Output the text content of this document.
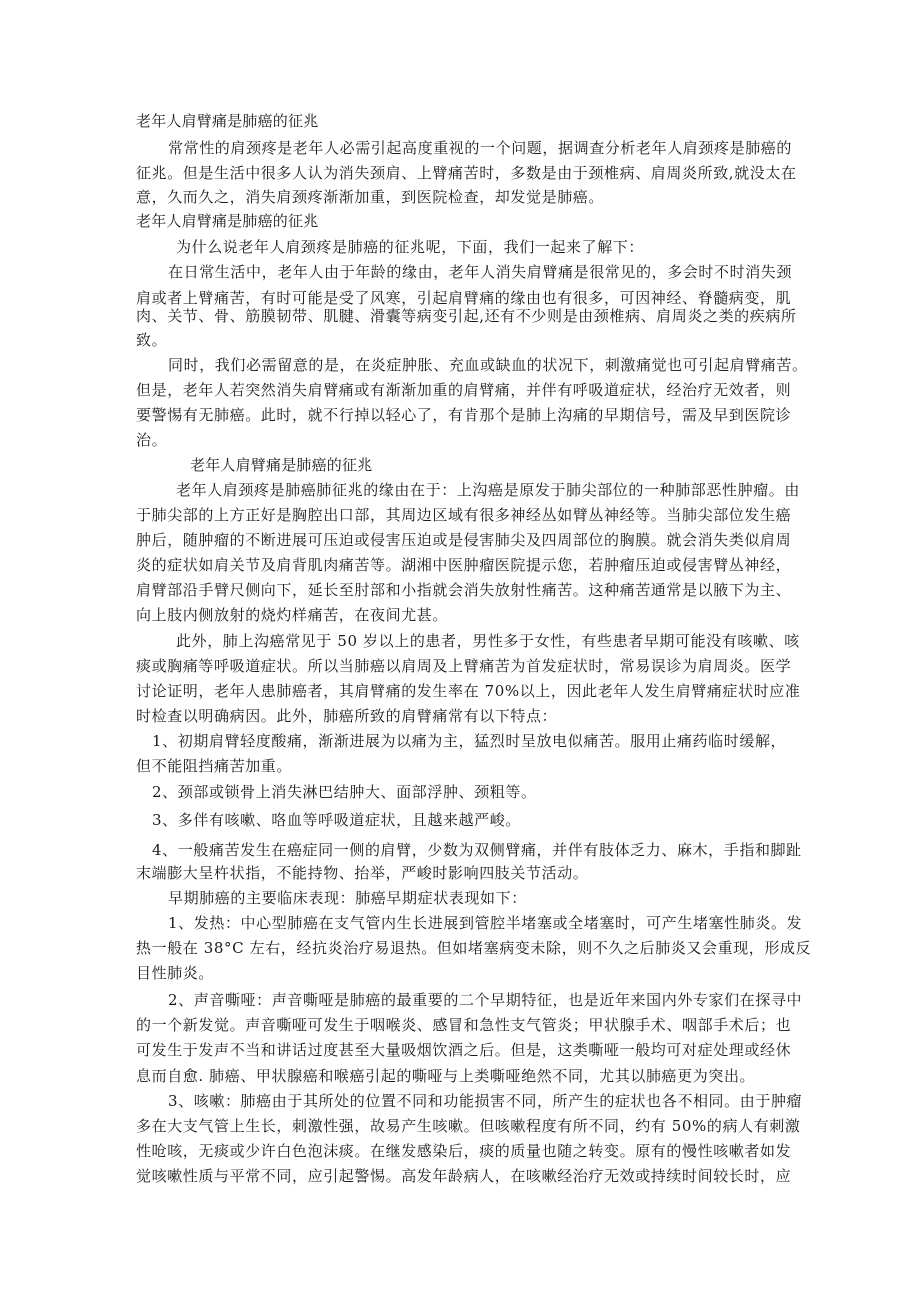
老年人肩臂痛是肺癌的征兆
常常性的肩颈疼是老年人必需引起高度重视的一个问题，据调查分析老年人肩颈疼是肺癌的
征兆。但是生活中很多人认为消失颈肩、上臂痛苦时，多数是由于颈椎病、肩周炎所致,就没太在
意，久而久之，消失肩颈疼渐渐加重，到医院检查，却发觉是肺癌。
老年人肩臂痛是肺癌的征兆
为什么说老年人肩颈疼是肺癌的征兆呢，下面，我们一起来了解下：
在日常生活中，老年人由于年龄的缘由，老年人消失肩臂痛是很常见的，多会时不时消失颈
肩或者上臂痛苦，有时可能是受了风寒，引起肩臂痛的缘由也有很多，可因神经、脊髓病变，肌
肉、关节、骨、筋膜韧带、肌腱、滑囊等病变引起,还有不少则是由颈椎病、肩周炎之类的疾病所
致。
同时，我们必需留意的是，在炎症肿胀、充血或缺血的状况下，刺激痛觉也可引起肩臂痛苦。
但是，老年人若突然消失肩臂痛或有渐渐加重的肩臂痛，并伴有呼吸道症状，经治疗无效者，则
要警惕有无肺癌。此时，就不行掉以轻心了，有肯那个是肺上沟痛的早期信号，需及早到医院诊
治。
老年人肩臂痛是肺癌的征兆
老年人肩颈疼是肺癌肺征兆的缘由在于：上沟癌是原发于肺尖部位的一种肺部恶性肿瘤。由
于肺尖部的上方正好是胸腔出口部，其周边区域有很多神经丛如臂丛神经等。当肺尖部位发生癌
肿后，随肿瘤的不断进展可压迫或侵害压迫或是侵害肺尖及四周部位的胸膜。就会消失类似肩周
炎的症状如肩关节及肩背肌肉痛苦等。湖湘中医肿瘤医院提示您，若肿瘤压迫或侵害臂丛神经，
肩臂部沿手臂尺侧向下，延长至肘部和小指就会消失放射性痛苦。这种痛苦通常是以腋下为主、
向上肢内侧放射的烧灼样痛苦，在夜间尤甚。
此外，肺上沟癌常见于 50 岁以上的患者，男性多于女性，有些患者早期可能没有咳嗽、咳
痰或胸痛等呼吸道症状。所以当肺癌以肩周及上臂痛苦为首发症状时，常易误诊为肩周炎。医学
讨论证明，老年人患肺癌者，其肩臂痛的发生率在 70%以上，因此老年人发生肩臂痛症状时应准
时检查以明确病因。此外，肺癌所致的肩臂痛常有以下特点：
1、初期肩臂轻度酸痛，渐渐进展为以痛为主，猛烈时呈放电似痛苦。服用止痛药临时缓解，
但不能阻挡痛苦加重。
2、颈部或锁骨上消失淋巴结肿大、面部浮肿、颈粗等。
3、多伴有咳嗽、咯血等呼吸道症状，且越来越严峻。
4、一般痛苦发生在癌症同一侧的肩臂，少数为双侧臂痛，并伴有肢体乏力、麻木，手指和脚趾
末端膨大呈杵状指，不能持物、抬举，严峻时影响四肢关节活动。
早期肺癌的主要临床表现：肺癌早期症状表现如下：
1、发热：中心型肺癌在支气管内生长进展到管腔半堵塞或全堵塞时，可产生堵塞性肺炎。发
热一般在 38°C 左右，经抗炎治疗易退热。但如堵塞病变未除，则不久之后肺炎又会重现，形成反
目性肺炎。
2、声音嘶哑：声音嘶哑是肺癌的最重要的二个早期特征，也是近年来国内外专家们在探寻中
的一个新发觉。声音嘶哑可发生于咽喉炎、感冒和急性支气管炎；甲状腺手术、咽部手术后；也
可发生于发声不当和讲话过度甚至大量吸烟饮酒之后。但是，这类嘶哑一般均可对症处理或经休
息而自愈. 肺癌、甲状腺癌和喉癌引起的嘶哑与上类嘶哑绝然不同，尤其以肺癌更为突出。
3、咳嗽：肺癌由于其所处的位置不同和功能损害不同，所产生的症状也各不相同。由于肿瘤
多在大支气管上生长，刺激性强，故易产生咳嗽。但咳嗽程度有所不同，约有 50%的病人有刺激
性呛咳，无痰或少许白色泡沫痰。在继发感染后，痰的质量也随之转变。原有的慢性咳嗽者如发
觉咳嗽性质与平常不同，应引起警惕。高发年龄病人，在咳嗽经治疗无效或持续时间较长时，应
